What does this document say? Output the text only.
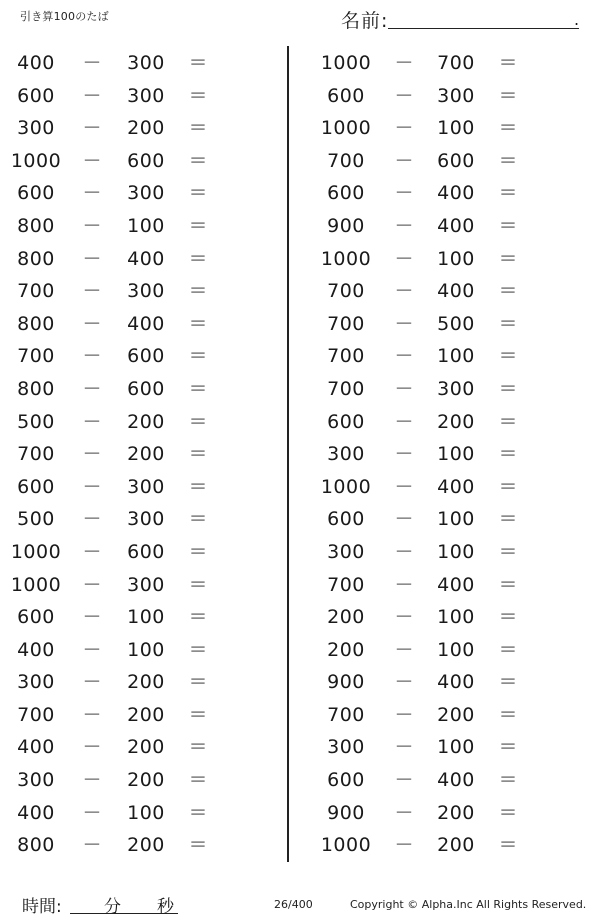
引き算100のたば	名前:	.
400	－	300	＝
600	－	300	＝
300	－	200	＝
1000	－	600	＝
600	－	300	＝
800	－	100	＝
800	－	400	＝
700	－	300	＝
800	－	400	＝
700	－	600	＝
800	－	600	＝
500	－	200	＝
700	－	200	＝
600	－	300	＝
500	－	300	＝
1000	－	600	＝
1000	－	300	＝
600	－	100	＝
400	－	100	＝
300	－	200	＝
700	－	200	＝
400	－	200	＝
300	－	200	＝
400	－	100	＝
800	－	200	＝
1000	－	700	＝
600	－	300	＝
1000	－	100	＝
700	－	600	＝
600	－	400	＝
900	－	400	＝
1000	－	100	＝
700	－	400	＝
700	－	500	＝
700	－	100	＝
700	－	300	＝
600	－	200	＝
300	－	100	＝
1000	－	400	＝
600	－	100	＝
300	－	100	＝
700	－	400	＝
200	－	100	＝
200	－	100	＝
900	－	400	＝
700	－	200	＝
300	－	100	＝
600	－	400	＝
900	－	200	＝
1000	－	200	＝
時間: 分 秒	26/400	Copyright © Alpha.Inc All Rights Reserved.
